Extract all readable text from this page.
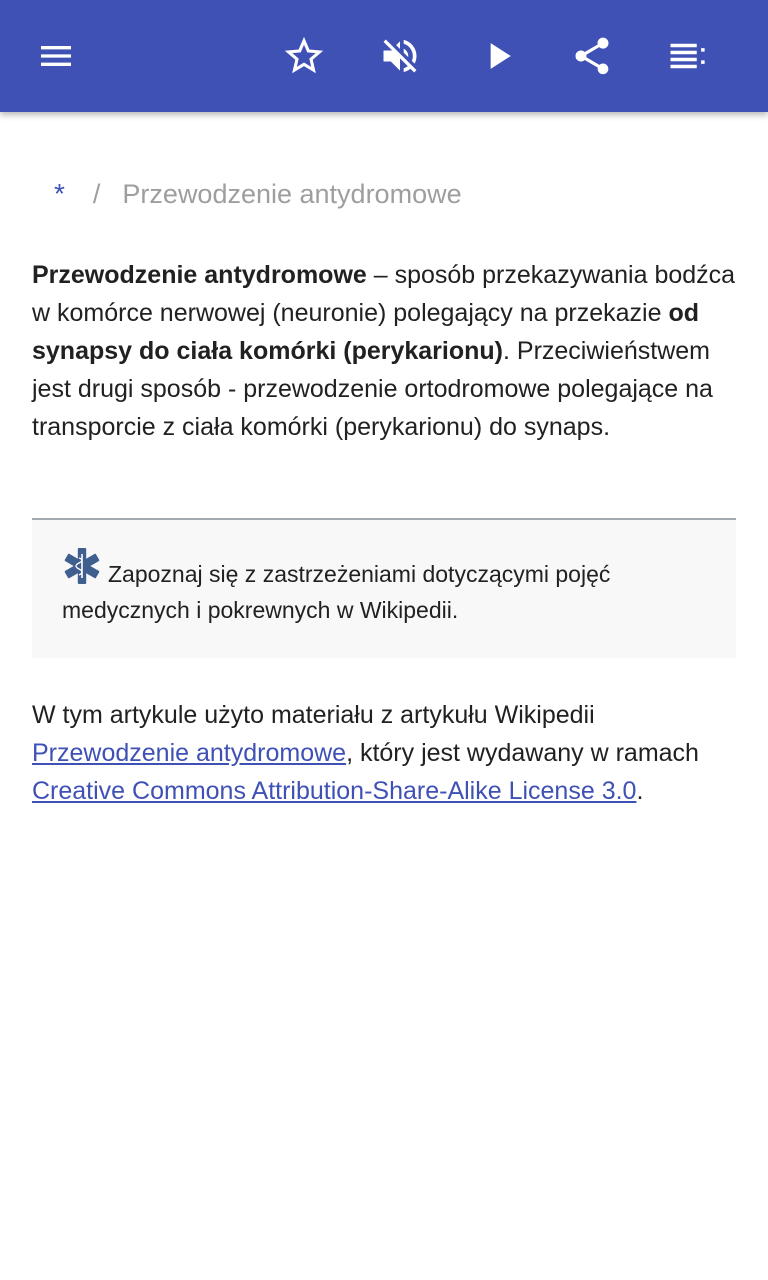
* / Przewodzenie antydromowe
Przewodzenie antydromowe – sposób przekazywania bodźca w komórce nerwowej (neuronie) polegający na przekazie od synapsy do ciała komórki (perykarionu). Przeciwieństwem jest drugi sposób - przewodzenie ortodromowe polegające na transporcie z ciała komórki (perykarionu) do synaps.
Zapoznaj się z zastrzeżeniami dotyczącymi pojęć medycznych i pokrewnych w Wikipedii.
W tym artykule użyto materiału z artykułu Wikipedii Przewodzenie antydromowe, który jest wydawany w ramach Creative Commons Attribution-Share-Alike License 3.0.
